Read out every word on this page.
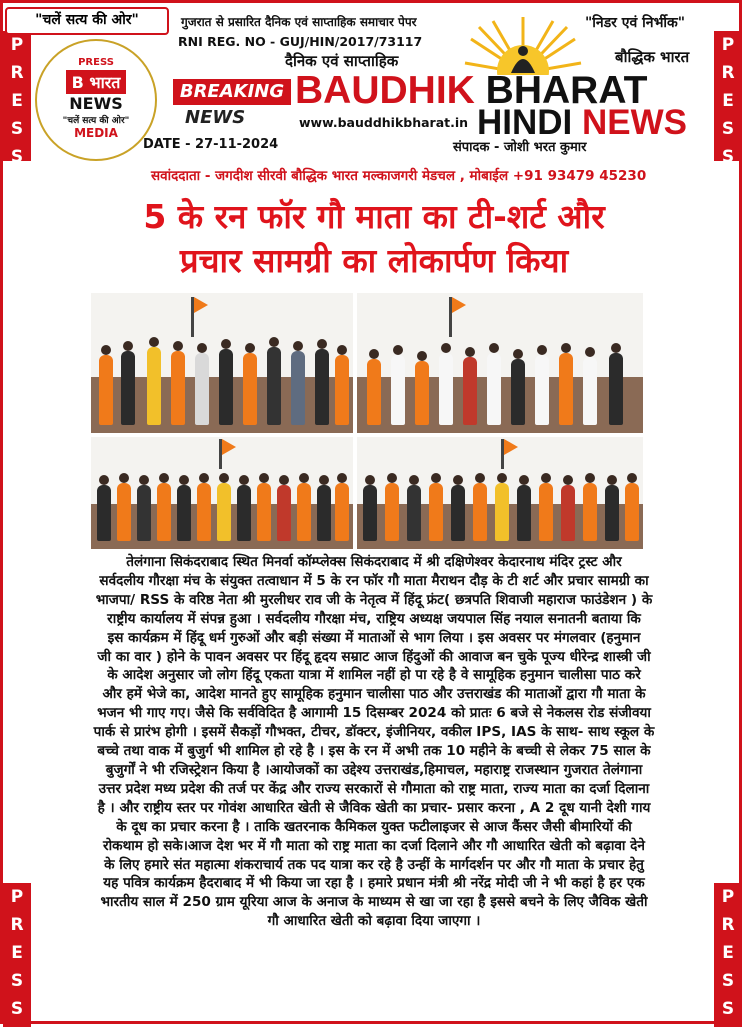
P
R
E
S
S
P
R
E
S
S
P
R
E
S
S
P
R
E
S
S
"चलें सत्य की ओर"
PRESS
B भारत
NEWS
"चलें सत्य की ओर"
MEDIA
गुजरात से प्रसारित दैनिक एवं साप्ताहिक समाचार पेपर
RNI REG. NO - GUJ/HIN/2017/73117
"निडर एवं निर्भीक"
दैनिक एवं साप्ताहिक	बौद्धिक भारत
BAUDHIK BHARAT
HINDI NEWS
BREAKING
NEWS	www.bauddhikbharat.in
DATE - 27-11-2024	संपादक - जोशी भरत कुमार
सवांददाता - जगदीश सीरवी बौद्धिक भारत मल्काजगरी मेडचल , मोबाईल +91 93479 45230
5 के रन फॉर गौ माता का टी-शर्ट और
प्रचार सामग्री का लोकार्पण किया
तेलंगाना सिकंदराबाद स्थित मिनर्वा कॉम्प्लेक्स सिकंदराबाद में श्री दक्षिणेश्वर केदारनाथ मंदिर ट्रस्ट और
सर्वदलीय गौरक्षा मंच के संयुक्त तत्वाधान में 5 के रन फॉर गौ माता मैराथन दौड़ के टी शर्ट और प्रचार सामग्री का
भाजपा/ RSS के वरिष्ठ नेता श्री मुरलीधर राव जी के नेतृत्व में हिंदू फ्रंट( छत्रपति शिवाजी महाराज फाउंडेशन ) के
राष्ट्रीय कार्यालय में संपन्न हुआ । सर्वदलीय गौरक्षा मंच, राष्ट्रिय अध्यक्ष जयपाल सिंह नयाल सनातनी बताया कि
इस कार्यक्रम में हिंदू धर्म गुरुओं और बड़ी संख्या में माताओं से भाग लिया । इस अवसर पर मंगलवार (हनुमान
जी का वार ) होने के पावन अवसर पर हिंदू हृदय सम्राट आज हिंदुओं की आवाज बन चुके पूज्य धीरेन्द्र शास्त्री जी
के आदेश अनुसार जो लोग हिंदू एकता यात्रा में शामिल नहीं हो पा रहे है वे सामूहिक हनुमान चालीसा पाठ करे
और हमें भेजे का, आदेश मानते हुए सामूहिक हनुमान चालीसा पाठ और उत्तराखंड की माताओं द्वारा गौ माता के
भजन भी गाए गए। जैसे कि सर्वविदित है आगामी 15 दिसम्बर 2024 को प्रातः 6 बजे से नेकलस रोड संजीवया
पार्क से प्रारंभ होगी । इसमें सैकड़ों गौभक्त, टीचर, डॉक्टर, इंजीनियर, वकील IPS, IAS के साथ- साथ स्कूल के
बच्चे तथा वाक में बुजुर्ग भी शामिल हो रहे है । इस के रन में अभी तक 10 महीने के बच्ची से लेकर 75 साल के
बुजुर्गों ने भी रजिस्ट्रेशन किया है ।आयोजकों का उद्देश्य उत्तराखंड,हिमाचल, महाराष्ट्र राजस्थान गुजरात तेलंगाना
उत्तर प्रदेश मध्य प्रदेश की तर्ज पर केंद्र और राज्य सरकारों से गौमाता को राष्ट्र माता, राज्य माता का दर्जा दिलाना
है । और राष्ट्रीय स्तर पर गोवंश आधारित खेती से जैविक खेती का प्रचार- प्रसार करना , A 2 दूध यानी देशी गाय
के दूध का प्रचार करना है । ताकि खतरनाक कैमिकल युक्त फटीलाइजर से आज कैंसर जैसी बीमारियों की
रोकथाम हो सके।आज देश भर में गौ माता को राष्ट्र माता का दर्जा दिलाने और गौ आधारित खेती को बढ़ावा देने
के लिए हमारे संत महात्मा शंकराचार्य तक पद यात्रा कर रहे है उन्हीं के मार्गदर्शन पर और गौ माता के प्रचार हेतु
यह पवित्र कार्यक्रम हैदराबाद में भी किया जा रहा है । हमारे प्रधान मंत्री श्री नरेंद्र मोदी जी ने भी कहां है हर एक
भारतीय साल में 250 ग्राम यूरिया आज के अनाज के माध्यम से खा जा रहा है इससे बचने के लिए जैविक खेती
गौ आधारित खेती को बढ़ावा दिया जाएगा ।
